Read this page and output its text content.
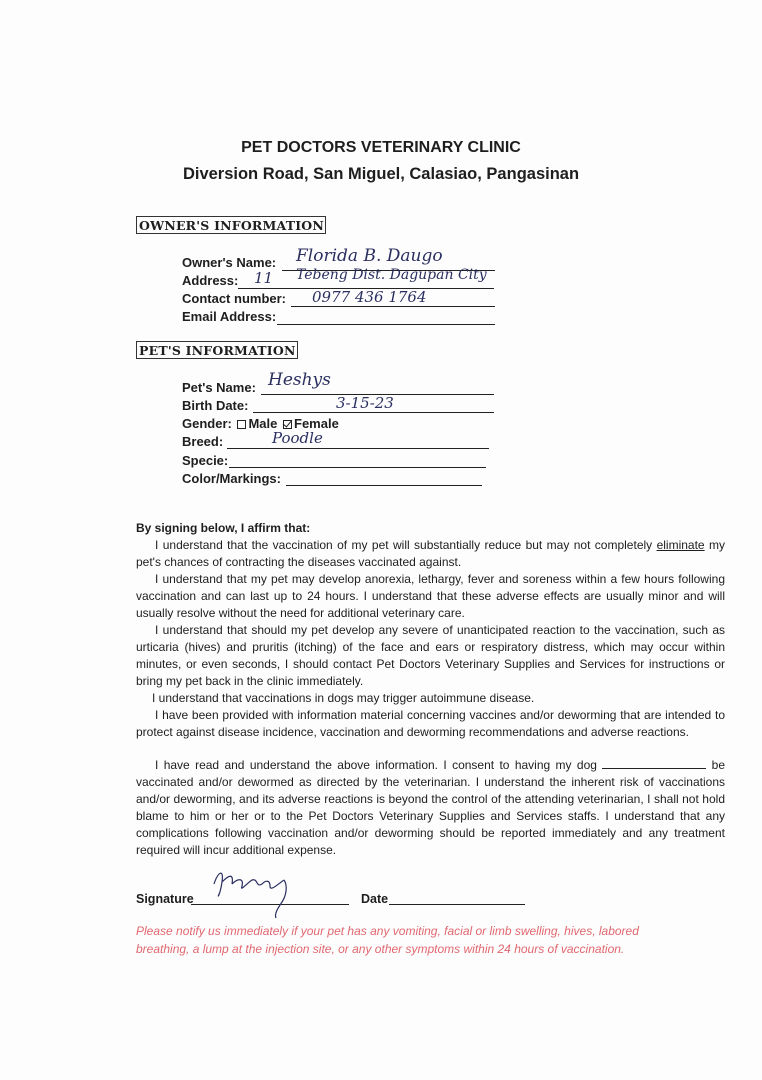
PET DOCTORS VETERINARY CLINIC
Diversion Road, San Miguel, Calasiao, Pangasinan
OWNER'S INFORMATION
Owner's Name: Florida B. Daugo
Address: 11 Tebeng Dist. Dagupan City
Contact number: 0977 436 1764
Email Address:
PET'S INFORMATION
Pet's Name: Heshys
Birth Date:	3-15-23
Gender: Male Female
Breed:	Poodle
Specie:
Color/Markings:
By signing below, I affirm that:

I understand that the vaccination of my pet will substantially reduce but may not completely eliminate my pet's chances of contracting the diseases vaccinated against.

I understand that my pet may develop anorexia, lethargy, fever and soreness within a few hours following vaccination and can last up to 24 hours. I understand that these adverse effects are usually minor and will usually resolve without the need for additional veterinary care.

I understand that should my pet develop any severe of unanticipated reaction to the vaccination, such as urticaria (hives) and pruritis (itching) of the face and ears or respiratory distress, which may occur within minutes, or even seconds, I should contact Pet Doctors Veterinary Supplies and Services for instructions or bring my pet back in the clinic immediately.

I understand that vaccinations in dogs may trigger autoimmune disease.

I have been provided with information material concerning vaccines and/or deworming that are intended to protect against disease incidence, vaccination and deworming recommendations and adverse reactions.

I have read and understand the above information. I consent to having my dog	be vaccinated and/or dewormed as directed by the veterinarian. I understand the inherent risk of vaccinations and/or deworming, and its adverse reactions is beyond the control of the attending veterinarian, I shall not hold blame to him or her or to the Pet Doctors Veterinary Supplies and Services staffs. I understand that any complications following vaccination and/or deworming should be reported immediately and any treatment required will incur additional expense.

Signature	Date
Please notify us immediately if your pet has any vomiting, facial or limb swelling, hives, labored breathing, a lump at the injection site, or any other symptoms within 24 hours of vaccination.
